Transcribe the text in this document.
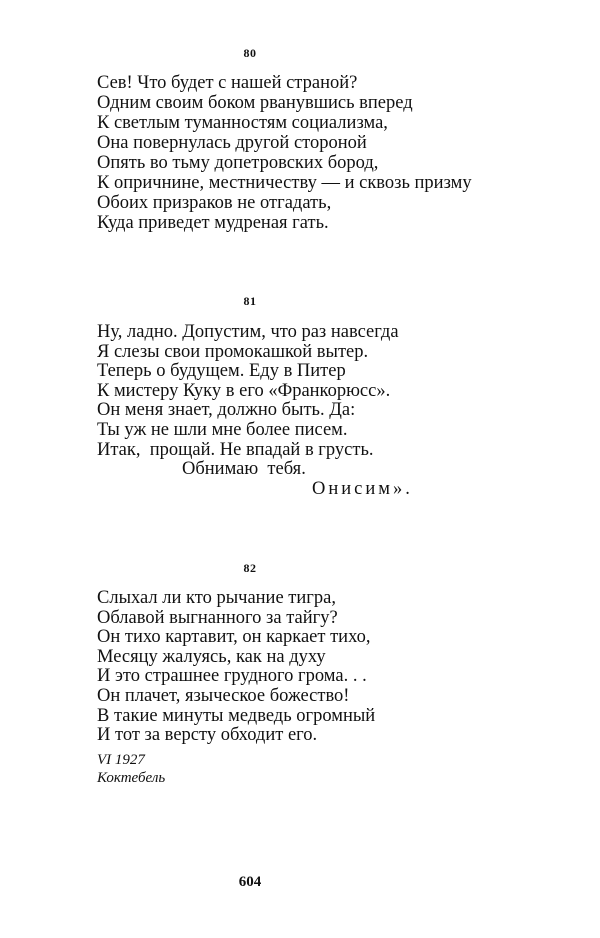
80
Сев! Что будет с нашей страной?
Одним своим боком рванувшись вперед
К светлым туманностям социализма,
Она повернулась другой стороной
Опять во тьму допетровских бород,
К опричнине, местничеству — и сквозь призму
Обоих призраков не отгадать,
Куда приведет мудреная гать.
81
Ну, ладно. Допустим, что раз навсегда
Я слезы свои промокашкой вытер.
Теперь о будущем. Еду в Питер
К мистеру Куку в его «Франкорюсс».
Он меня знает, должно быть. Да:
Ты уж не шли мне более писем.
Итак,  прощай. Не впадай в грусть.
Обнимаю  тебя.
Онисим».
82
Слыхал ли кто рычание тигра,
Облавой выгнанного за тайгу?
Он тихо картавит, он каркает тихо,
Месяцу жалуясь, как на духу
И это страшнее грудного грома. . .
Он плачет, языческое божество!
В такие минуты медведь огромный
И тот за версту обходит его.
VI 1927
Коктебель
604
